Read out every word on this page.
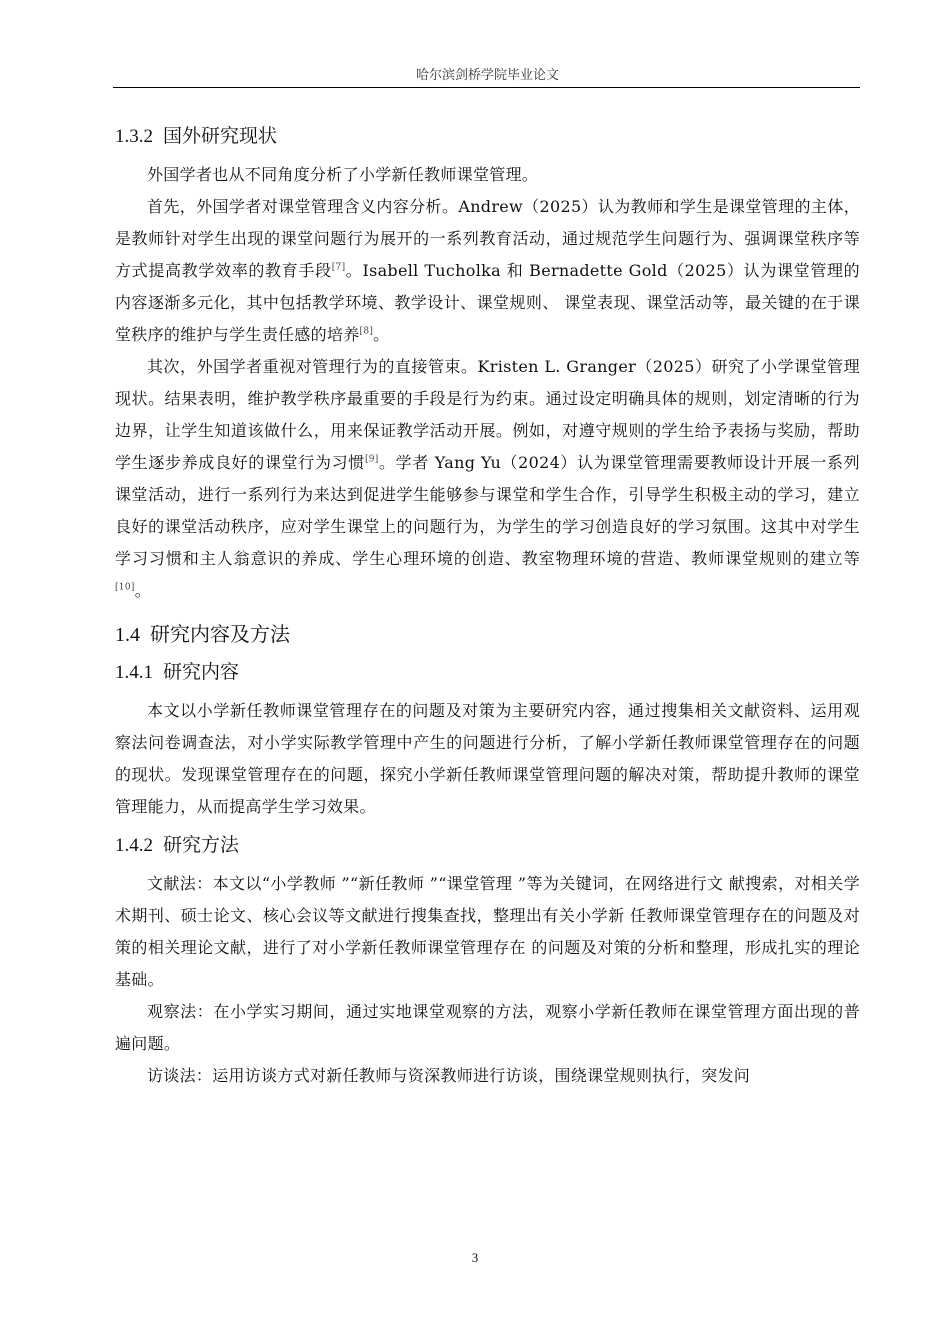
哈尔滨剑桥学院毕业论文
1.3.2 国外研究现状

外国学者也从不同角度分析了小学新任教师课堂管理。

首先，外国学者对课堂管理含义内容分析。Andrew（2025）认为教师和学生是课堂管理的主体，是教师针对学生出现的课堂问题行为展开的一系列教育活动，通过规范学生问题行为、强调课堂秩序等方式提高教学效率的教育手段[7]。Isabell Tucholka 和 Bernadette Gold（2025）认为课堂管理的内容逐渐多元化，其中包括教学环境、教学设计、课堂规则、 课堂表现、课堂活动等，最关键的在于课堂秩序的维护与学生责任感的培养[8]。

其次，外国学者重视对管理行为的直接管束。Kristen L. Granger（2025）研究了小学课堂管理现状。结果表明，维护教学秩序最重要的手段是行为约束。通过设定明确具体的规则，划定清晰的行为边界，让学生知道该做什么，用来保证教学活动开展。例如，对遵守规则的学生给予表扬与奖励，帮助学生逐步养成良好的课堂行为习惯[9]。学者 Yang Yu（2024）认为课堂管理需要教师设计开展一系列课堂活动，进行一系列行为来达到促进学生能够参与课堂和学生合作，引导学生积极主动的学习，建立良好的课堂活动秩序，应对学生课堂上的问题行为，为学生的学习创造良好的学习氛围。这其中对学生学习习惯和主人翁意识的养成、学生心理环境的创造、教室物理环境的营造、教师课堂规则的建立等[10]。

1.4 研究内容及方法
1.4.1 研究内容

本文以小学新任教师课堂管理存在的问题及对策为主要研究内容，通过搜集相关文献资料、运用观察法问卷调查法，对小学实际教学管理中产生的问题进行分析，了解小学新任教师课堂管理存在的问题的现状。发现课堂管理存在的问题，探究小学新任教师课堂管理问题的解决对策，帮助提升教师的课堂管理能力，从而提高学生学习效果。

1.4.2 研究方法

文献法：本文以“小学教师 ”“新任教师 ”“课堂管理 ”等为关键词，在网络进行文 献搜索，对相关学术期刊、硕士论文、核心会议等文献进行搜集查找，整理出有关小学新 任教师课堂管理存在的问题及对策的相关理论文献，进行了对小学新任教师课堂管理存在 的问题及对策的分析和整理，形成扎实的理论基础。

观察法：在小学实习期间，通过实地课堂观察的方法，观察小学新任教师在课堂管理方面出现的普遍问题。

访谈法：运用访谈方式对新任教师与资深教师进行访谈，围绕课堂规则执行，突发问

3
